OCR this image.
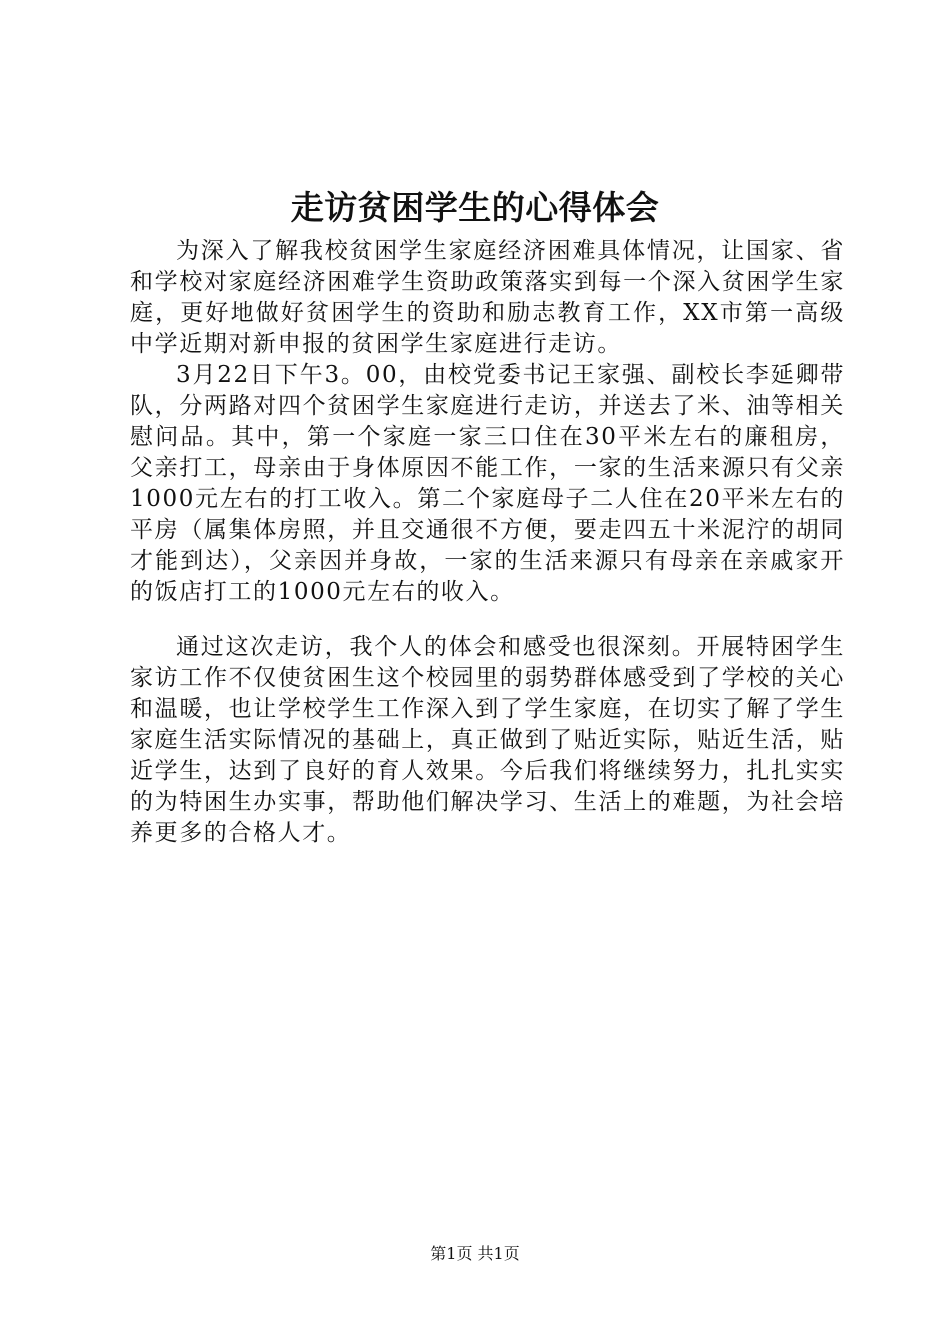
走访贫困学生的心得体会

为深入了解我校贫困学生家庭经济困难具体情况，让国家、省和学校对家庭经济困难学生资助政策落实到每一个深入贫困学生家庭，更好地做好贫困学生的资助和励志教育工作，XX市第一高级中学近期对新申报的贫困学生家庭进行走访。

3月22日下午3。00，由校党委书记王家强、副校长李延卿带队，分两路对四个贫困学生家庭进行走访，并送去了米、油等相关慰问品。其中，第一个家庭一家三口住在30平米左右的廉租房，父亲打工，母亲由于身体原因不能工作，一家的生活来源只有父亲1000元左右的打工收入。第二个家庭母子二人住在20平米左右的平房（属集体房照，并且交通很不方便，要走四五十米泥泞的胡同才能到达），父亲因并身故，一家的生活来源只有母亲在亲戚家开的饭店打工的1000元左右的收入。

通过这次走访，我个人的体会和感受也很深刻。开展特困学生家访工作不仅使贫困生这个校园里的弱势群体感受到了学校的关心和温暖，也让学校学生工作深入到了学生家庭，在切实了解了学生家庭生活实际情况的基础上，真正做到了贴近实际，贴近生活，贴近学生，达到了良好的育人效果。今后我们将继续努力，扎扎实实的为特困生办实事，帮助他们解决学习、生活上的难题，为社会培养更多的合格人才。

第1页 共1页
